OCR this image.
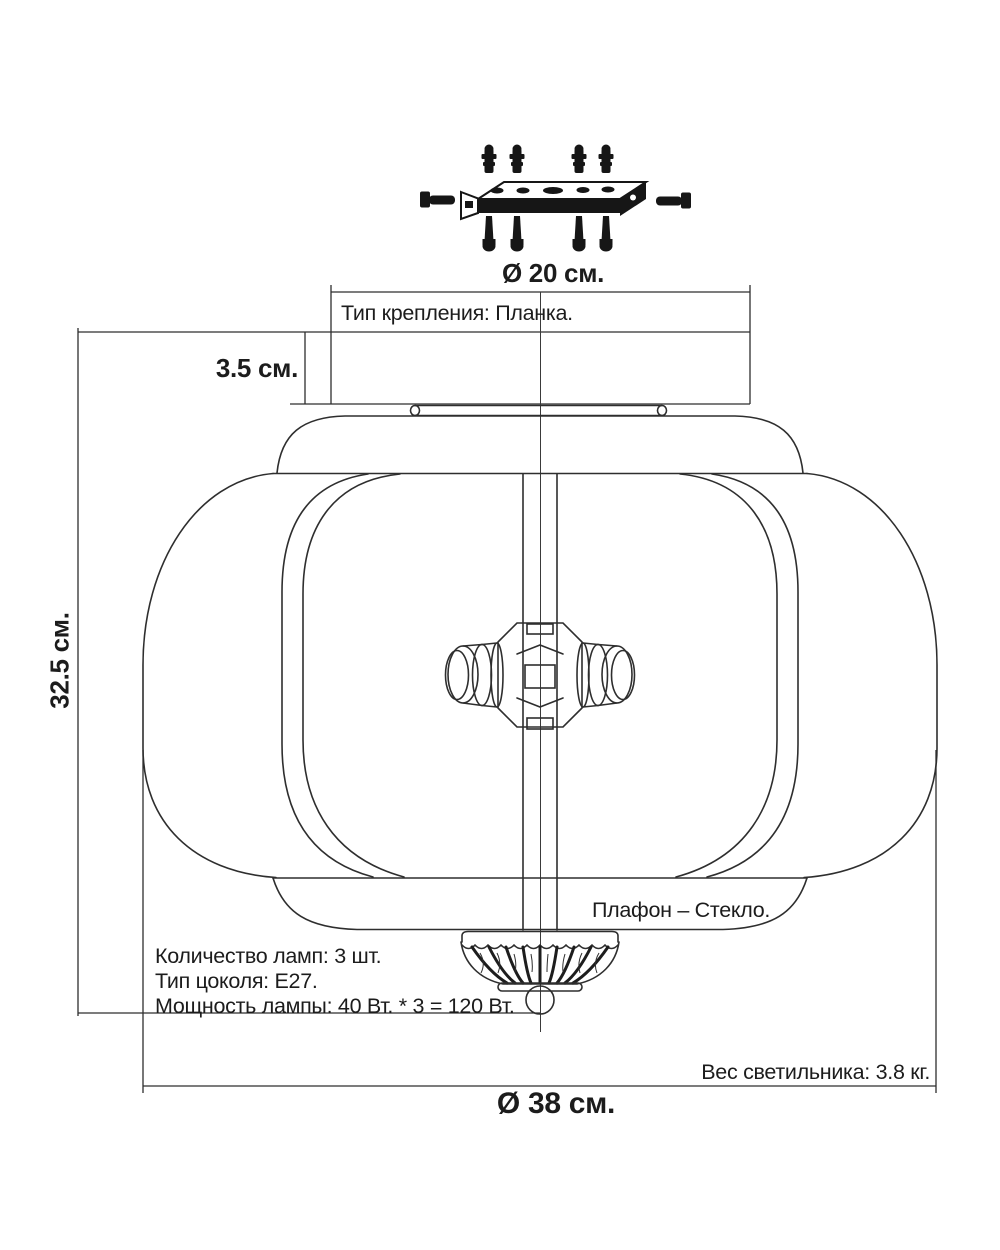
Ø 20 см.
Тип крепления: Планка.
3.5 см.
32.5 см.
Плафон – Стекло.
Количество ламп: 3 шт.
Тип цоколя: E27.
Мощность лампы: 40 Вт. * 3 = 120 Вт.
Вес светильника: 3.8 кг.
Ø 38 см.
